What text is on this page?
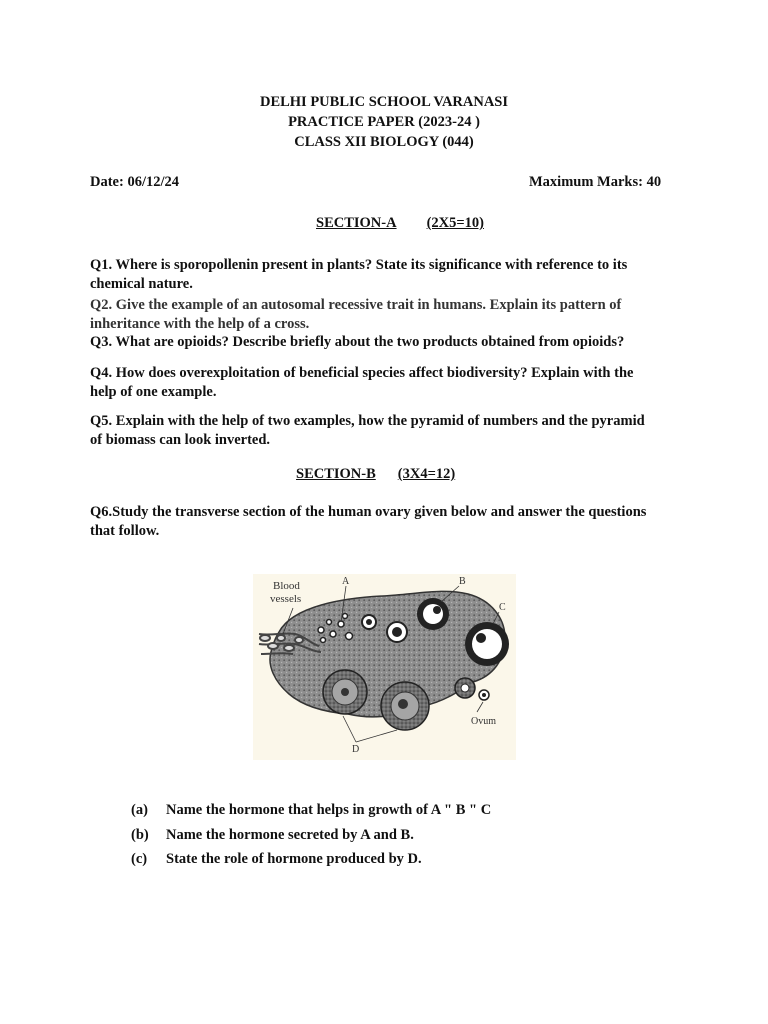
DELHI PUBLIC SCHOOL VARANASI
PRACTICE PAPER (2023-24 )
CLASS XII BIOLOGY (044)
Date: 06/12/24	Maximum Marks: 40
SECTION-A (2X5=10)
Q1. Where is sporopollenin present in plants? State its significance with reference to its
chemical nature.
Q2. Give the example of an autosomal recessive trait in humans. Explain its pattern of
inheritance with the help of a cross.
Q3. What are opioids? Describe briefly about the two products obtained from opioids?
Q4. How does overexploitation of beneficial species affect biodiversity? Explain with the
help of one example.
Q5. Explain with the help of two examples, how the pyramid of numbers and the pyramid
of biomass can look inverted.
SECTION-B (3X4=12)
Q6.Study the transverse section of the human ovary given below and answer the questions
that follow.
Blood
vessels
A	B
C
Ovum
D
(a) Name the hormone that helps in growth of A " B " C
(b) Name the hormone secreted by A and B.
(c) State the role of hormone produced by D.
